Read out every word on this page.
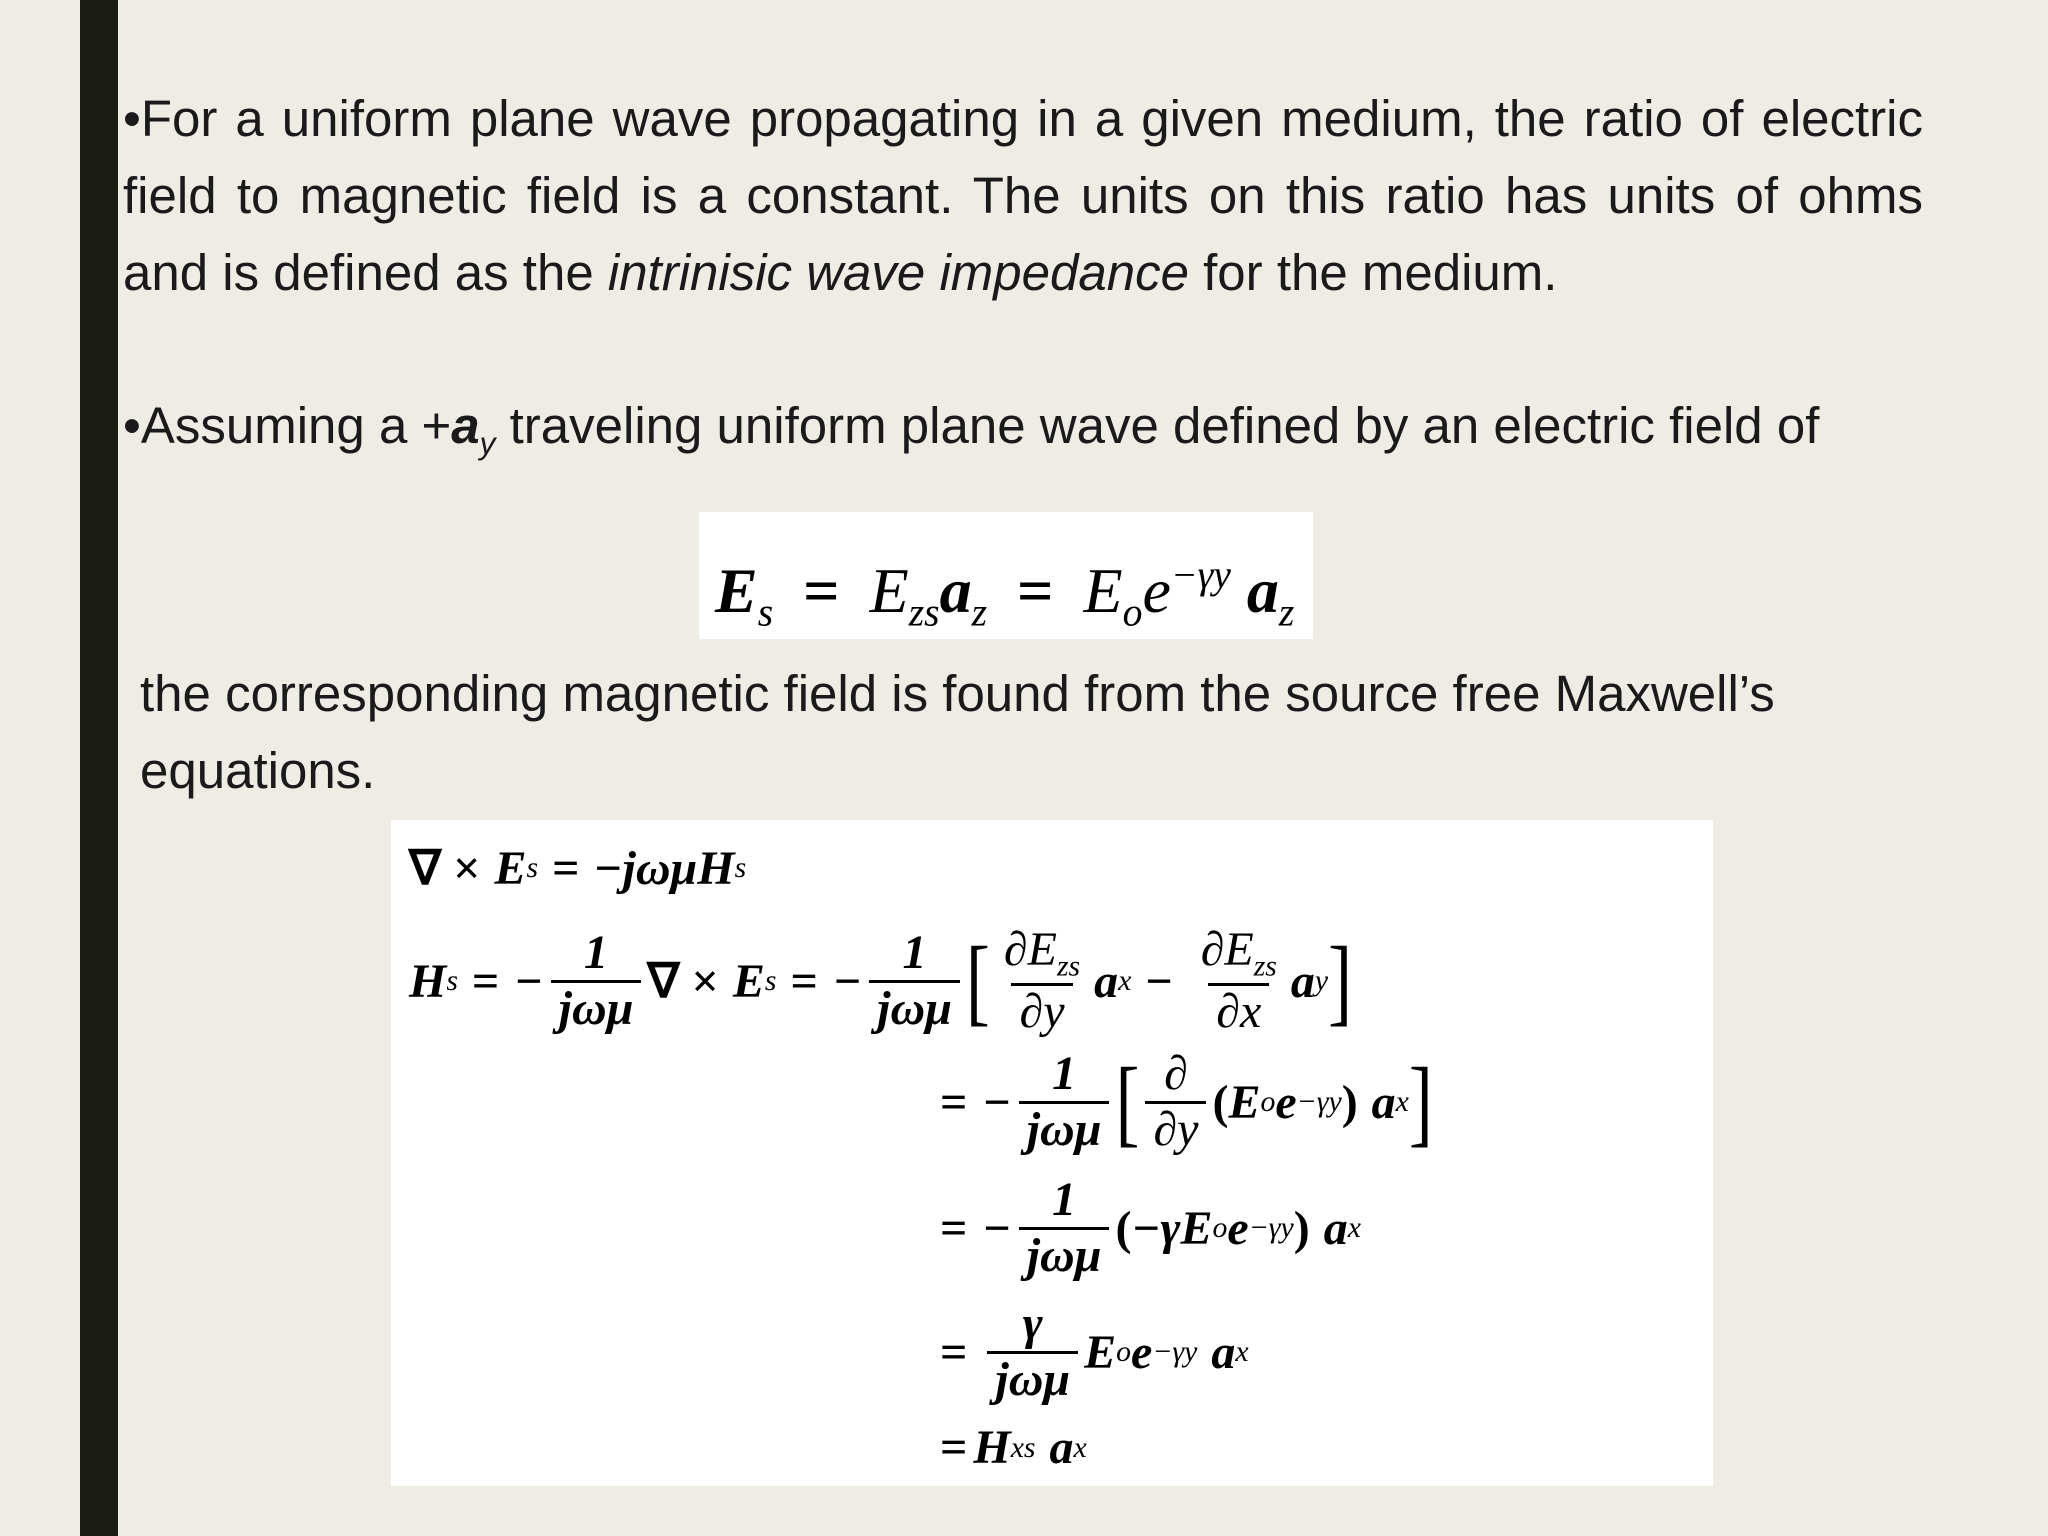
•For a uniform plane wave propagating in a given medium, the ratio of electric field to magnetic field is a constant. The units on this ratio has units of ohms and is defined as the intrinisic wave impedance for the medium.
•Assuming $a +a_y$ traveling uniform plane wave defined by an electric field of
$E_s = E_{zs}a_z = E_oe^{-\gamma y}$ $a_z$
the corresponding magnetic field is found from the source free Maxwell’s
equations.
∇ × E s = −jωμ H s
H s = − $\frac{1}{\text{jωμ}}$ ∇ × E s = − $\frac{1}{\text{jωμ}}$ [ $\frac{\partial E_{zs}}{\partial y}$ a $x - \frac{\partial E_{zs}}{\partial x}$ a y ]
= − $\frac{1}{\text{jωμ}}$ [ $\frac{\partial}{\partial y}$ ( E o e −γy ) a x ]
= − $\frac{1}{\text{jωμ}}$ ( −γ E o e −γy ) a x
= $\frac{\gamma}{\text{jωμ}}$ E o e −γy a x
= H xs a x
